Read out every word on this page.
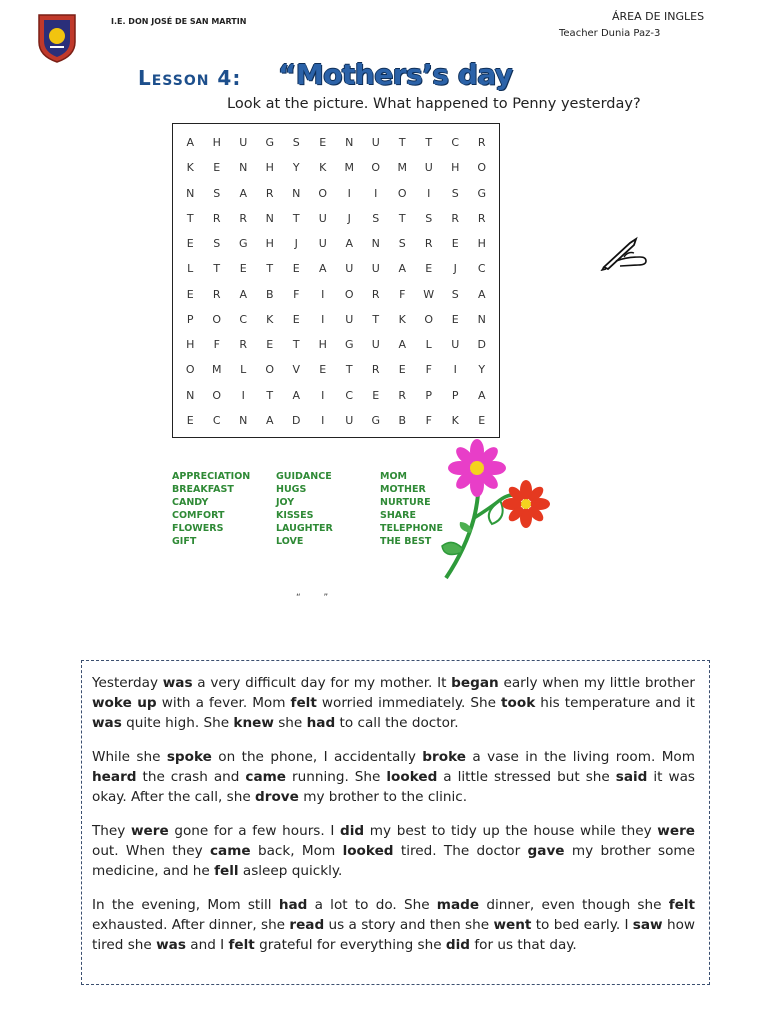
I.E. DON JOSÉ DE SAN MARTIN	ÁREA DE INGLES
Teacher Dunia Paz-3
Lesson 4: “Mothers’s day
Look at the picture. What happened to Penny yesterday?
A	H	U	G	S	E	N	U	T	T	C	R
K	E	N	H	Y	K	M	O	M	U	H	O
N	S	A	R	N	O	I	I	O	I	S	G
T	R	R	N	T	U	J	S	T	S	R	R
E	S	G	H	J	U	A	N	S	R	E	H
L	T	E	T	E	A	U	U	A	E	J	C
E	R	A	B	F	I	O	R	F	W	S	A
P	O	C	K	E	I	U	T	K	O	E	N
H	F	R	E	T	H	G	U	A	L	U	D
O	M	L	O	V	E	T	R	E	F	I	Y
N	O	I	T	A	I	C	E	R	P	P	A
E	C	N	A	D	I	U	G	B	F	K	E
APPRECIATION
BREAKFAST
CANDY
COMFORT
FLOWERS
GIFT
GUIDANCE
HUGS
JOY
KISSES
LAUGHTER
LOVE
MOM
MOTHER
NURTURE
SHARE
TELEPHONE
THE BEST
“        ”

Yesterday was a very difficult day for my mother. It began early when my little brother woke up with a fever. Mom felt worried immediately. She took his temperature and it was quite high. She knew she had to call the doctor.

While she spoke on the phone, I accidentally broke a vase in the living room. Mom heard the crash and came running. She looked a little stressed but she said it was okay. After the call, she drove my brother to the clinic.

They were gone for a few hours. I did my best to tidy up the house while they were out. When they came back, Mom looked tired. The doctor gave my brother some medicine, and he fell asleep quickly.

In the evening, Mom still had a lot to do. She made dinner, even though she felt exhausted. After dinner, she read us a story and then she went to bed early. I saw how tired she was and I felt grateful for everything she did for us that day.
